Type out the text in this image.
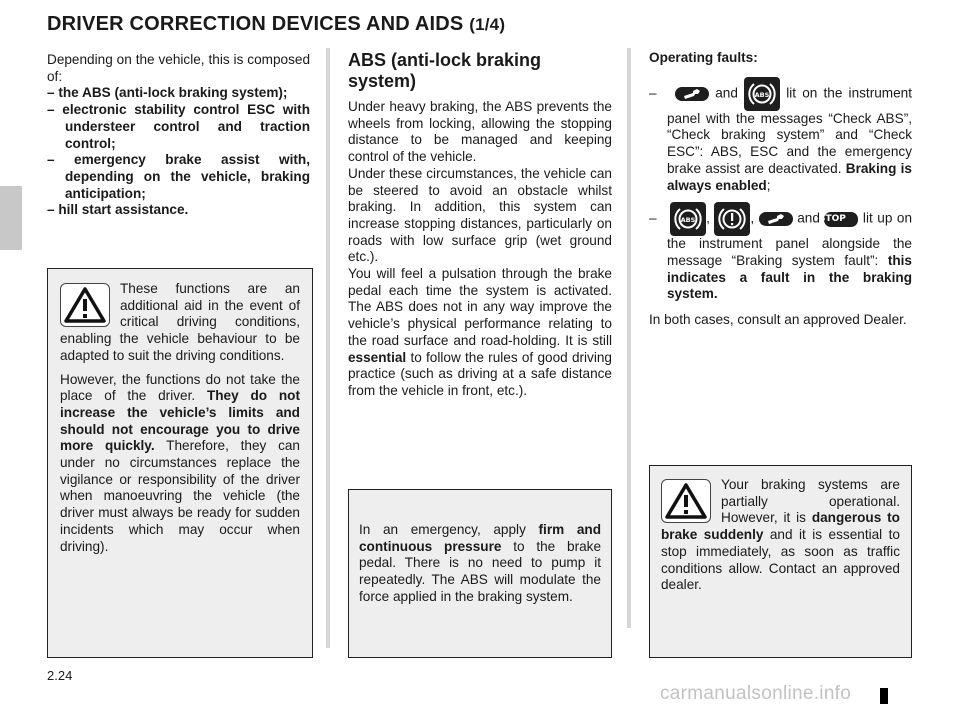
DRIVER CORRECTION DEVICES AND AIDS (1/4)

Depending on the vehicle, this is composed of:

– the ABS (anti-lock braking system);
– electronic stability control ESC with understeer control and traction control;
– emergency brake assist with, depending on the vehicle, braking anticipation;
– hill start assistance.

These functions are an additional aid in the event of critical driving conditions, enabling the vehicle behaviour to be adapted to suit the driving conditions.

However, the functions do not take the place of the driver. They do not increase the vehicle’s limits and should not encourage you to drive more quickly. Therefore, they can under no circumstances replace the vigilance or responsibility of the driver when manoeuvring the vehicle (the driver must always be ready for sudden incidents which may occur when driving).

ABS (anti-lock braking system)

Under heavy braking, the ABS prevents the wheels from locking, allowing the stopping distance to be managed and keeping control of the vehicle.

Under these circumstances, the vehicle can be steered to avoid an obstacle whilst braking. In addition, this system can increase stopping distances, particularly on roads with low surface grip (wet ground etc.).

You will feel a pulsation through the brake pedal each time the system is activated. The ABS does not in any way improve the vehicle’s physical performance relating to the road surface and road-holding. It is still essential to follow the rules of good driving practice (such as driving at a safe distance from the vehicle in front, etc.).

In an emergency, apply firm and continuous pressure to the brake pedal. There is no need to pump it repeatedly. The ABS will modulate the force applied in the braking system.

Operating faults:

–	and	ABS lit on the instrument panel with the messages “Check ABS”, “Check braking system” and “Check ESC”: ABS, ESC and the emergency brake assist are deactivated. Braking is always enabled;
–	ABS ,	,	and STOP lit up on the instrument panel alongside the message “Braking system fault”: this indicates a fault in the braking system.

In both cases, consult an approved Dealer.

Your braking systems are partially operational. However, it is dangerous to brake suddenly and it is essential to stop immediately, as soon as traffic conditions allow. Contact an approved dealer.

2.24
carmanualsonline.info
